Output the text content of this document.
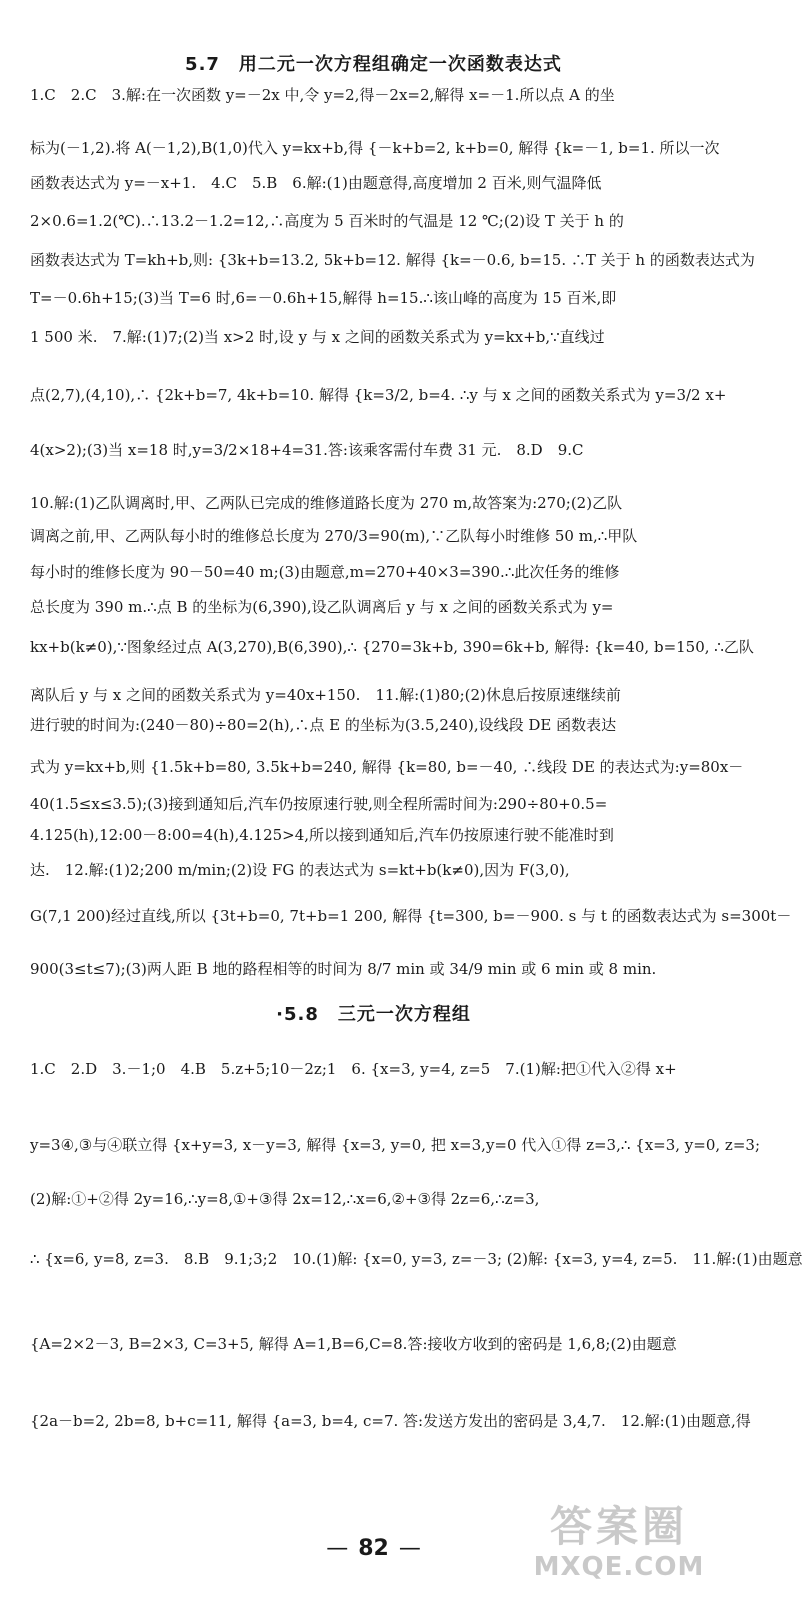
5.7　用二元一次方程组确定一次函数表达式
1.C　2.C　3.解:在一次函数 y=－2x 中,令 y=2,得－2x=2,解得 x=－1.所以点 A 的坐
标为(－1,2).将 A(－1,2),B(1,0)代入 y=kx+b,得 {－k+b=2, k+b=0, 解得 {k=－1, b=1. 所以一次
函数表达式为 y=－x+1.　4.C　5.B　6.解:(1)由题意得,高度增加 2 百米,则气温降低
2×0.6=1.2(℃).∴13.2－1.2=12,∴高度为 5 百米时的气温是 12 ℃;(2)设 T 关于 h 的
函数表达式为 T=kh+b,则: {3k+b=13.2, 5k+b=12. 解得 {k=－0.6, b=15. ∴T 关于 h 的函数表达式为
T=－0.6h+15;(3)当 T=6 时,6=－0.6h+15,解得 h=15.∴该山峰的高度为 15 百米,即
1 500 米.　7.解:(1)7;(2)当 x>2 时,设 y 与 x 之间的函数关系式为 y=kx+b,∵直线过
点(2,7),(4,10),∴ {2k+b=7, 4k+b=10. 解得 {k=3/2, b=4. ∴y 与 x 之间的函数关系式为 y=3/2 x+
4(x>2);(3)当 x=18 时,y=3/2×18+4=31.答:该乘客需付车费 31 元.　8.D　9.C
10.解:(1)乙队调离时,甲、乙两队已完成的维修道路长度为 270 m,故答案为:270;(2)乙队
调离之前,甲、乙两队每小时的维修总长度为 270/3=90(m),∵乙队每小时维修 50 m,∴甲队
每小时的维修长度为 90－50=40 m;(3)由题意,m=270+40×3=390.∴此次任务的维修
总长度为 390 m.∴点 B 的坐标为(6,390),设乙队调离后 y 与 x 之间的函数关系式为 y=
kx+b(k≠0),∵图象经过点 A(3,270),B(6,390),∴ {270=3k+b, 390=6k+b, 解得: {k=40, b=150, ∴乙队
离队后 y 与 x 之间的函数关系式为 y=40x+150.　11.解:(1)80;(2)休息后按原速继续前
进行驶的时间为:(240－80)÷80=2(h),∴点 E 的坐标为(3.5,240),设线段 DE 函数表达
式为 y=kx+b,则 {1.5k+b=80, 3.5k+b=240, 解得 {k=80, b=－40, ∴线段 DE 的表达式为:y=80x－
40(1.5≤x≤3.5);(3)接到通知后,汽车仍按原速行驶,则全程所需时间为:290÷80+0.5=
4.125(h),12:00－8:00=4(h),4.125>4,所以接到通知后,汽车仍按原速行驶不能准时到
达.　12.解:(1)2;200 m/min;(2)设 FG 的表达式为 s=kt+b(k≠0),因为 F(3,0),
G(7,1 200)经过直线,所以 {3t+b=0, 7t+b=1 200, 解得 {t=300, b=－900. s 与 t 的函数表达式为 s=300t－
900(3≤t≤7);(3)两人距 B 地的路程相等的时间为 8/7 min 或 34/9 min 或 6 min 或 8 min.
·5.8　三元一次方程组
1.C　2.D　3.－1;0　4.B　5.z+5;10－2z;1　6. {x=3, y=4, z=5　7.(1)解:把①代入②得 x+
y=3④,③与④联立得 {x+y=3, x－y=3, 解得 {x=3, y=0, 把 x=3,y=0 代入①得 z=3,∴ {x=3, y=0, z=3;
(2)解:①+②得 2y=16,∴y=8,①+③得 2x=12,∴x=6,②+③得 2z=6,∴z=3,
∴ {x=6, y=8, z=3.　8.B　9.1;3;2　10.(1)解: {x=0, y=3, z=－3; (2)解: {x=3, y=4, z=5.　11.解:(1)由题意
{A=2×2－3, B=2×3, C=3+5, 解得 A=1,B=6,C=8.答:接收方收到的密码是 1,6,8;(2)由题意
{2a－b=2, 2b=8, b+c=11, 解得 {a=3, b=4, c=7. 答:发送方发出的密码是 3,4,7.　12.解:(1)由题意,得
— 82 —	答案圈
MXQE.COM
